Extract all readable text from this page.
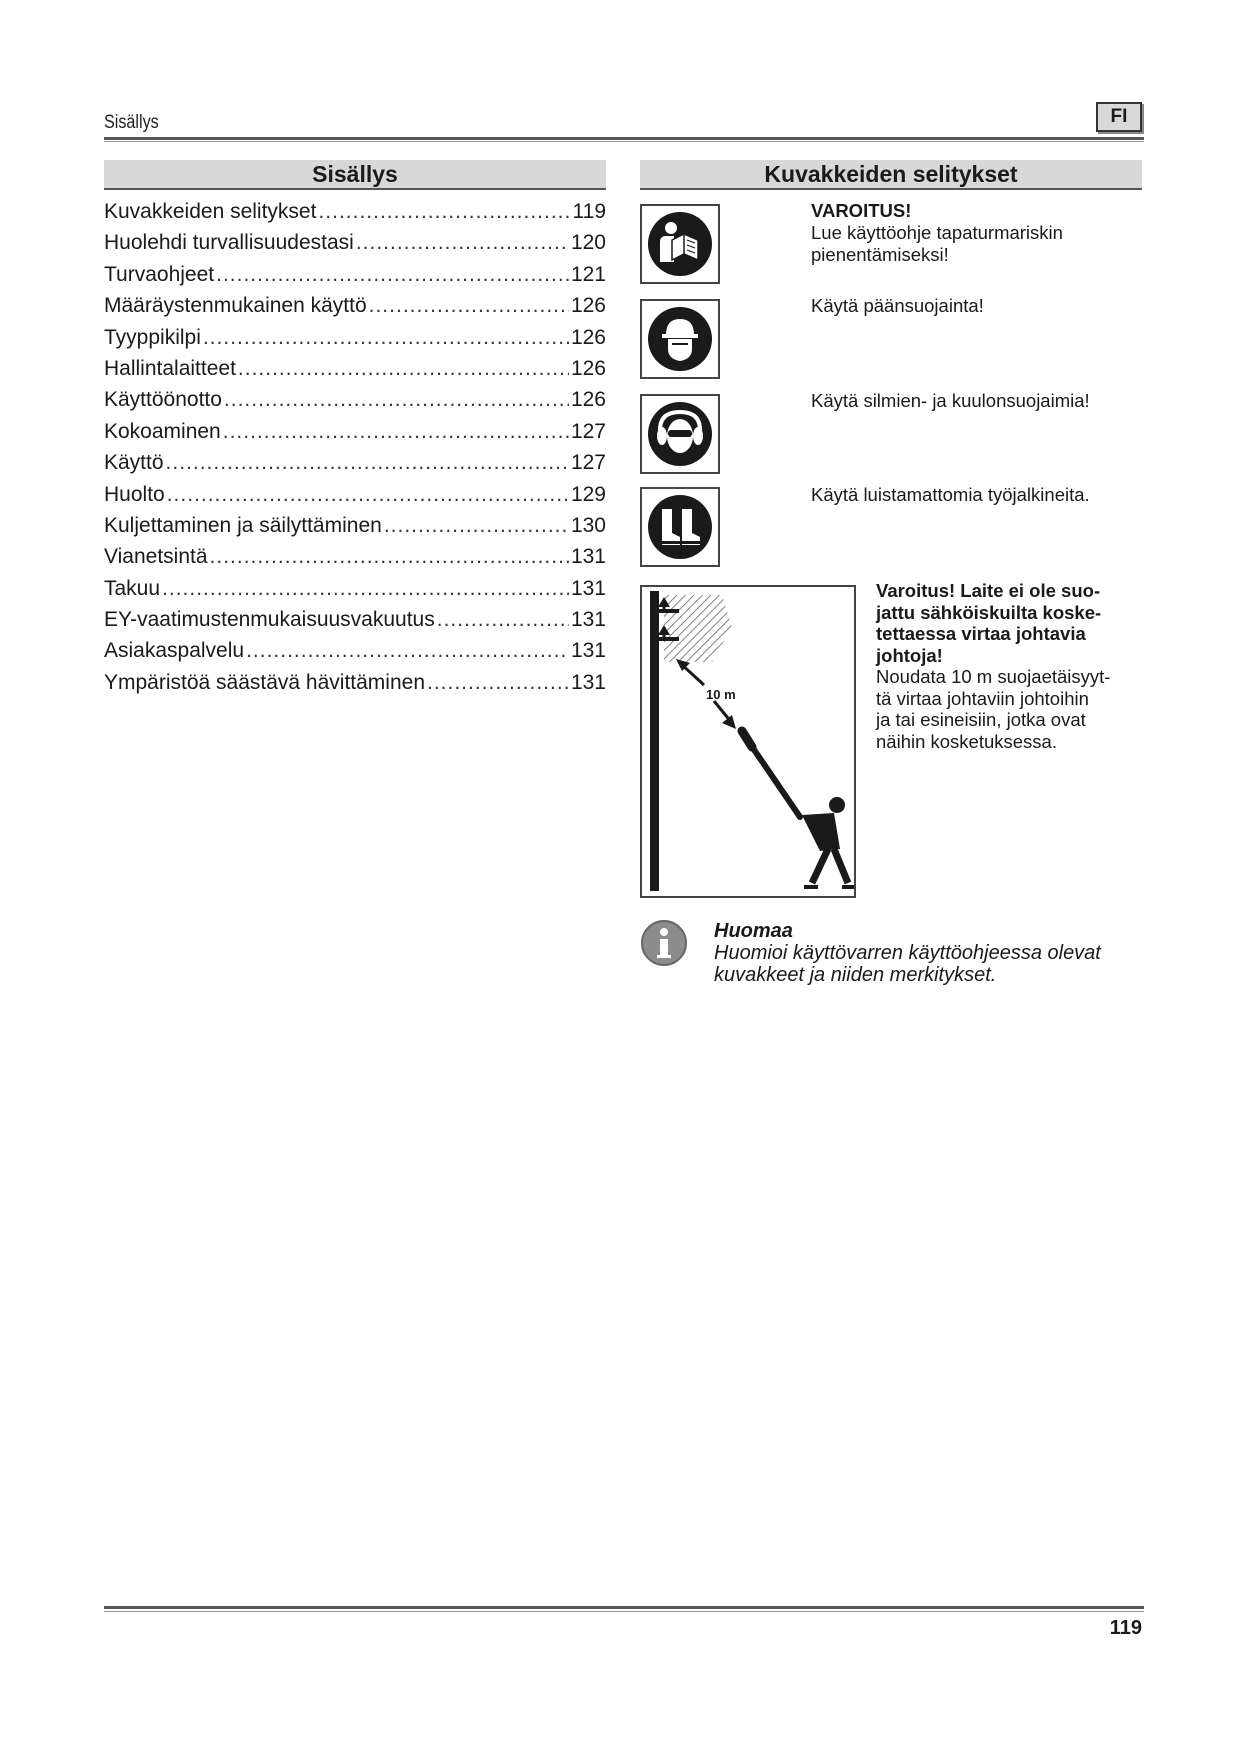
Sisällys	FI
Sisällys
Kuvakkeiden selitykset .....	119
Huolehdi turvallisuudestasi .....	120
Turvaohjeet .....	121
Määräystenmukainen käyttö .....	126
Tyyppikilpi .....	126
Hallintalaitteet .....	126
Käyttöönotto .....	126
Kokoaminen .....	127
Käyttö .....	127
Huolto .....	129
Kuljettaminen ja säilyttäminen .....	130
Vianetsintä .....	131
Takuu .....	131
EY-vaatimustenmukaisuusvakuutus .....	131
Asiakaspalvelu .....	131
Ympäristöä säästävä hävittäminen .....	131
Kuvakkeiden selitykset
VAROITUS!
Lue käyttöohje tapaturmariskin pienentämiseksi!
Käytä päänsuojainta!
Käytä silmien- ja kuulonsuojaimia!
Käytä luistamattomia työjalkineita.
10 m
Varoitus! Laite ei ole suo-
jattu sähköiskuilta koske-
tettaessa virtaa johtavia
johtoja!
Noudata 10 m suojaetäisyyt-
tä virtaa johtaviin johtoihin
ja tai esineisiin, jotka ovat
näihin kosketuksessa.
Huomaa
Huomioi käyttövarren käyttöohjeessa olevat kuvakkeet ja niiden merkitykset.
119
